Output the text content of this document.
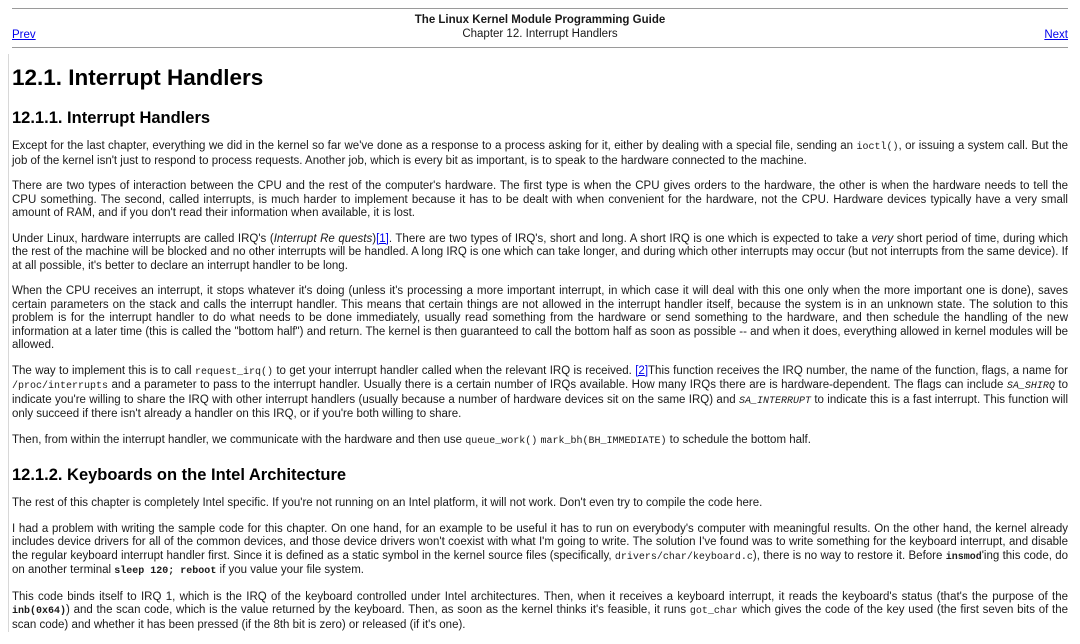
Prev
The Linux Kernel Module Programming Guide
Chapter 12. Interrupt Handlers	Next
12.1. Interrupt Handlers
12.1.1. Interrupt Handlers

Except for the last chapter, everything we did in the kernel so far we've done as a response to a process asking for it, either by dealing with a special file, sending an ioctl(), or issuing a system call. But the job of the kernel isn't just to respond to process requests. Another job, which is every bit as important, is to speak to the hardware connected to the machine.

There are two types of interaction between the CPU and the rest of the computer's hardware. The first type is when the CPU gives orders to the hardware, the other is when the hardware needs to tell the CPU something. The second, called interrupts, is much harder to implement because it has to be dealt with when convenient for the hardware, not the CPU. Hardware devices typically have a very small amount of RAM, and if you don't read their information when available, it is lost.

Under Linux, hardware interrupts are called IRQ's (Interrupt Re quests)[1]. There are two types of IRQ's, short and long. A short IRQ is one which is expected to take a very short period of time, during which the rest of the machine will be blocked and no other interrupts will be handled. A long IRQ is one which can take longer, and during which other interrupts may occur (but not interrupts from the same device). If at all possible, it's better to declare an interrupt handler to be long.

When the CPU receives an interrupt, it stops whatever it's doing (unless it's processing a more important interrupt, in which case it will deal with this one only when the more important one is done), saves certain parameters on the stack and calls the interrupt handler. This means that certain things are not allowed in the interrupt handler itself, because the system is in an unknown state. The solution to this problem is for the interrupt handler to do what needs to be done immediately, usually read something from the hardware or send something to the hardware, and then schedule the handling of the new information at a later time (this is called the "bottom half") and return. The kernel is then guaranteed to call the bottom half as soon as possible -- and when it does, everything allowed in kernel modules will be allowed.

The way to implement this is to call request_irq() to get your interrupt handler called when the relevant IRQ is received. [2]This function receives the IRQ number, the name of the function, flags, a name for /proc/interrupts and a parameter to pass to the interrupt handler. Usually there is a certain number of IRQs available. How many IRQs there are is hardware-dependent. The flags can include SA_SHIRQ to indicate you're willing to share the IRQ with other interrupt handlers (usually because a number of hardware devices sit on the same IRQ) and SA_INTERRUPT to indicate this is a fast interrupt. This function will only succeed if there isn't already a handler on this IRQ, or if you're both willing to share.

Then, from within the interrupt handler, we communicate with the hardware and then use queue_work() mark_bh(BH_IMMEDIATE) to schedule the bottom half.

12.1.2. Keyboards on the Intel Architecture

The rest of this chapter is completely Intel specific. If you're not running on an Intel platform, it will not work. Don't even try to compile the code here.

I had a problem with writing the sample code for this chapter. On one hand, for an example to be useful it has to run on everybody's computer with meaningful results. On the other hand, the kernel already includes device drivers for all of the common devices, and those device drivers won't coexist with what I'm going to write. The solution I've found was to write something for the keyboard interrupt, and disable the regular keyboard interrupt handler first. Since it is defined as a static symbol in the kernel source files (specifically, drivers/char/keyboard.c), there is no way to restore it. Before insmod'ing this code, do on another terminal sleep 120; reboot if you value your file system.

This code binds itself to IRQ 1, which is the IRQ of the keyboard controlled under Intel architectures. Then, when it receives a keyboard interrupt, it reads the keyboard's status (that's the purpose of the inb(0x64)) and the scan code, which is the value returned by the keyboard. Then, as soon as the kernel thinks it's feasible, it runs got_char which gives the code of the key used (the first seven bits of the scan code) and whether it has been pressed (if the 8th bit is zero) or released (if it's one).
